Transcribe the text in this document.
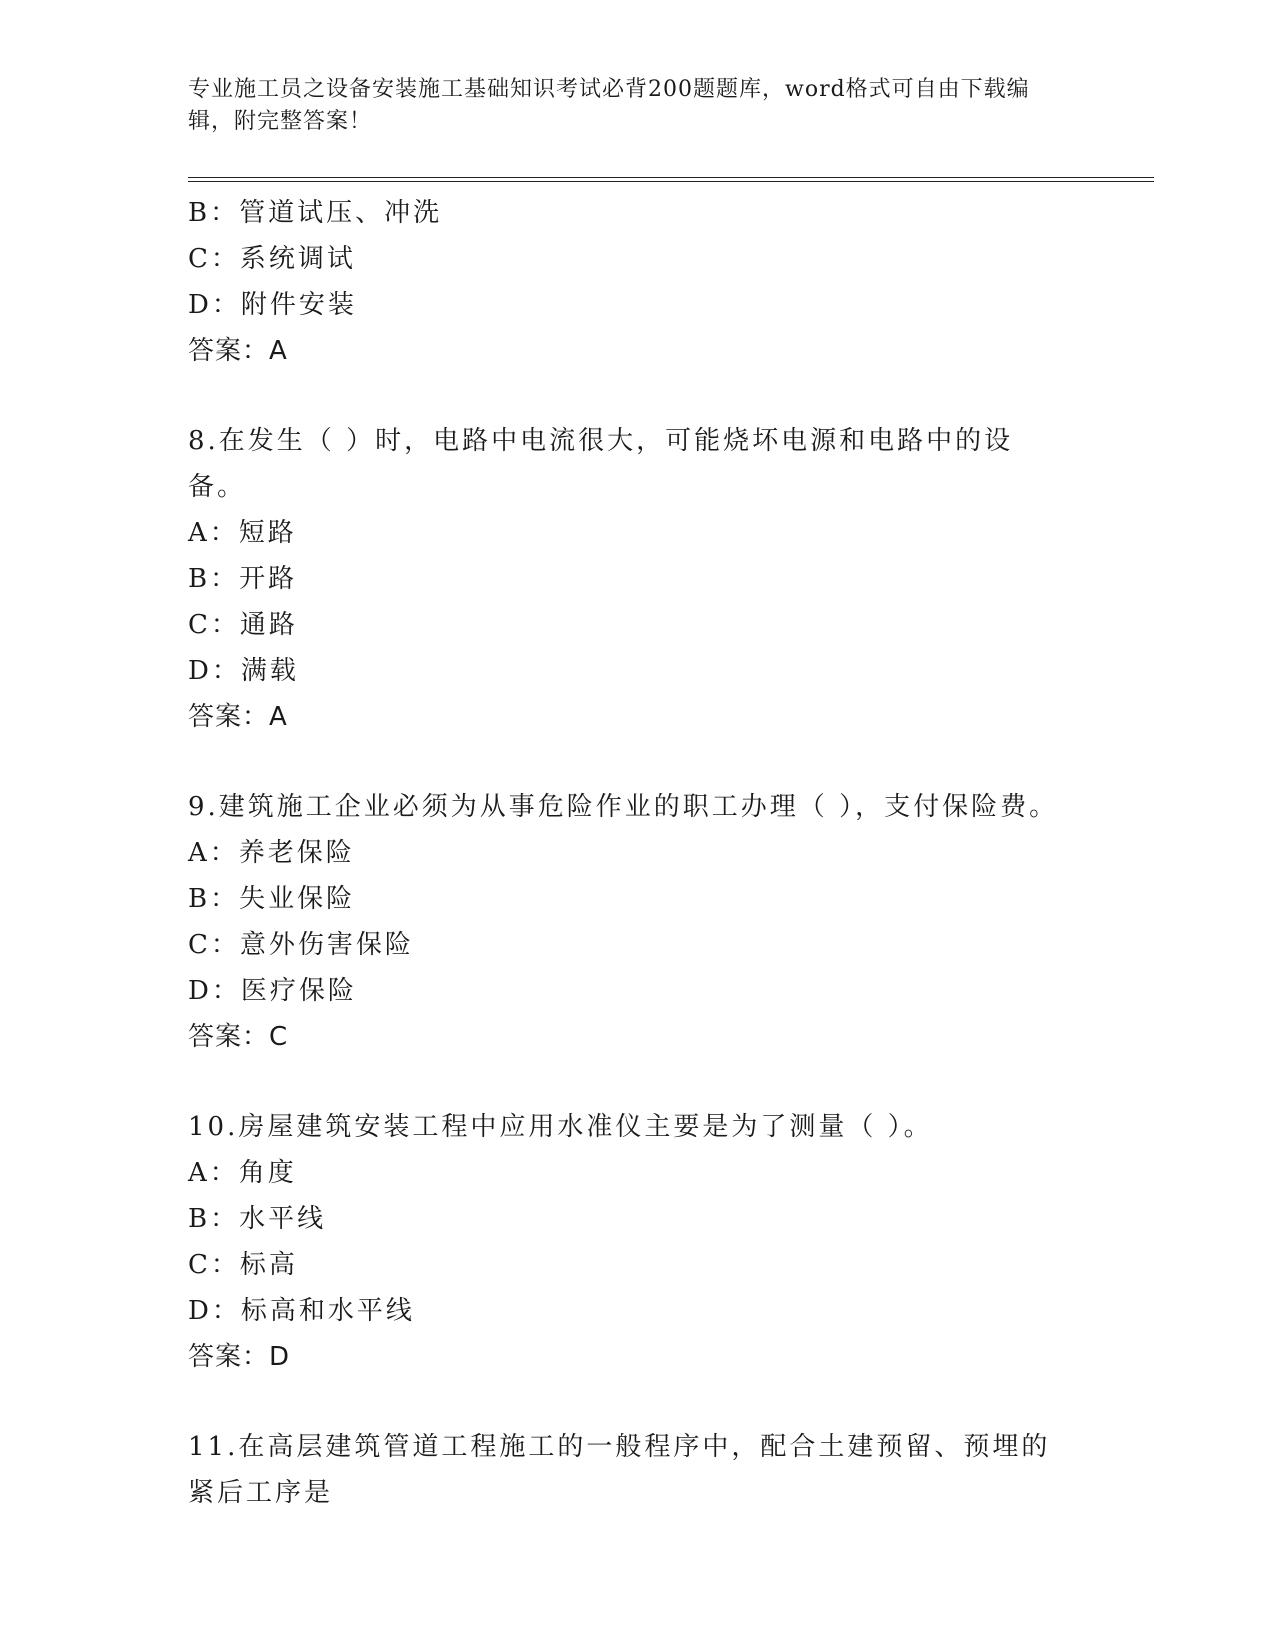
专业施工员之设备安装施工基础知识考试必背200题题库，word格式可自由下载编辑，附完整答案！
B：管道试压、冲洗
C：系统调试
D：附件安装
答案：A
8.在发生（ ）时，电路中电流很大，可能烧坏电源和电路中的设备。
A：短路
B：开路
C：通路
D：满载
答案：A
9.建筑施工企业必须为从事危险作业的职工办理（ ），支付保险费。
A：养老保险
B：失业保险
C：意外伤害保险
D：医疗保险
答案：C
10.房屋建筑安装工程中应用水准仪主要是为了测量（ ）。
A：角度
B：水平线
C：标高
D：标高和水平线
答案：D
11.在高层建筑管道工程施工的一般程序中，配合土建预留、预埋的紧后工序是
